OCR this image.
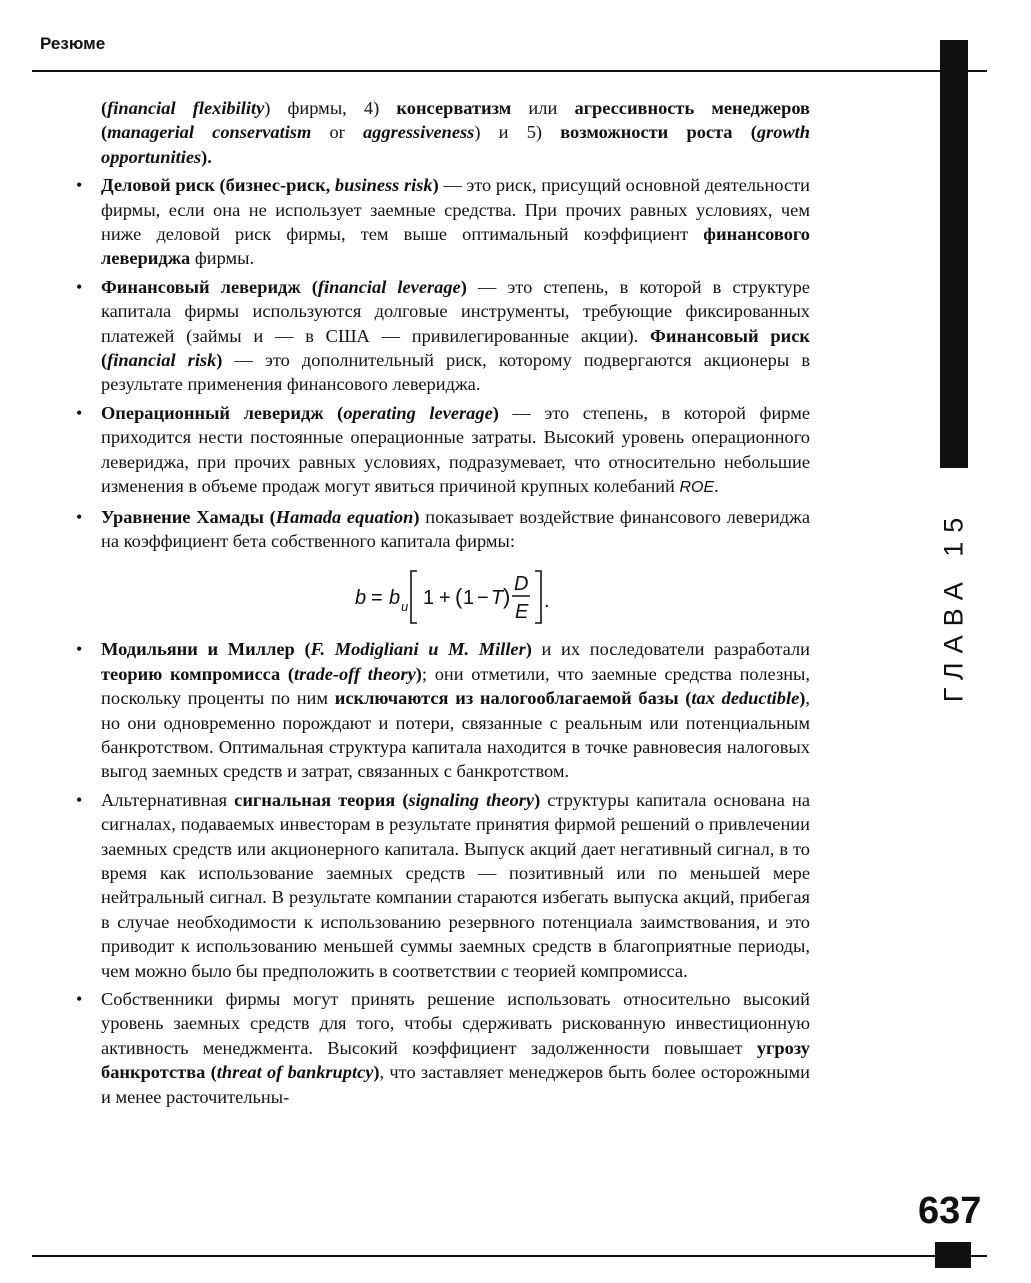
Резюме
ГЛАВА 15

(financial flexibility) фирмы, 4) консерватизм или агрессивность менеджеров (managerial conservatism or aggressiveness) и 5) возможности роста (growth opportunities).

• Деловой риск (бизнес-риск, business risk) — это риск, присущий основной деятельности фирмы, если она не использует заемные средства. При прочих равных условиях, чем ниже деловой риск фирмы, тем выше оптимальный коэффициент финансового левериджа фирмы.
• Финансовый леверидж (financial leverage) — это степень, в которой в структуре капитала фирмы используются долговые инструменты, требующие фиксированных платежей (займы и — в США — привилегированные акции). Финансовый риск (financial risk) — это дополнительный риск, которому подвергаются акционеры в результате применения финансового левериджа.
• Операционный леверидж (operating leverage) — это степень, в которой фирме приходится нести постоянные операционные затраты. Высокий уровень операционного левериджа, при прочих равных условиях, подразумевает, что относительно небольшие изменения в объеме продаж могут явиться причиной крупных колебаний ROE.
• Уравнение Хамады (Hamada equation) показывает воздействие финансового левериджа на коэффициент бета собственного капитала фирмы:
b = b u 1 + ( 1 − T ) D
E .
• Модильяни и Миллер (F. Modigliani и M. Miller) и их последователи разработали теорию компромисса (trade-off theory); они отметили, что заемные средства полезны, поскольку проценты по ним исключаются из налогооблагаемой базы (tax deductible), но они одновременно порождают и потери, связанные с реальным или потенциальным банкротством. Оптимальная структура капитала находится в точке равновесия налоговых выгод заемных средств и затрат, связанных с банкротством.
• Альтернативная сигнальная теория (signaling theory) структуры капитала основана на сигналах, подаваемых инвесторам в результате принятия фирмой решений о привлечении заемных средств или акционерного капитала. Выпуск акций дает негативный сигнал, в то время как использование заемных средств — позитивный или по меньшей мере нейтральный сигнал. В результате компании стараются избегать выпуска акций, прибегая в случае необходимости к использованию резервного потенциала заимствования, и это приводит к использованию меньшей суммы заемных средств в благоприятные периоды, чем можно было бы предположить в соответствии с теорией компромисса.
• Собственники фирмы могут принять решение использовать относительно высокий уровень заемных средств для того, чтобы сдерживать рискованную инвестиционную активность менеджмента. Высокий коэффициент задолженности повышает угрозу банкротства (threat of bankruptcy), что заставляет менеджеров быть более осторожными и менее расточительны-
637
